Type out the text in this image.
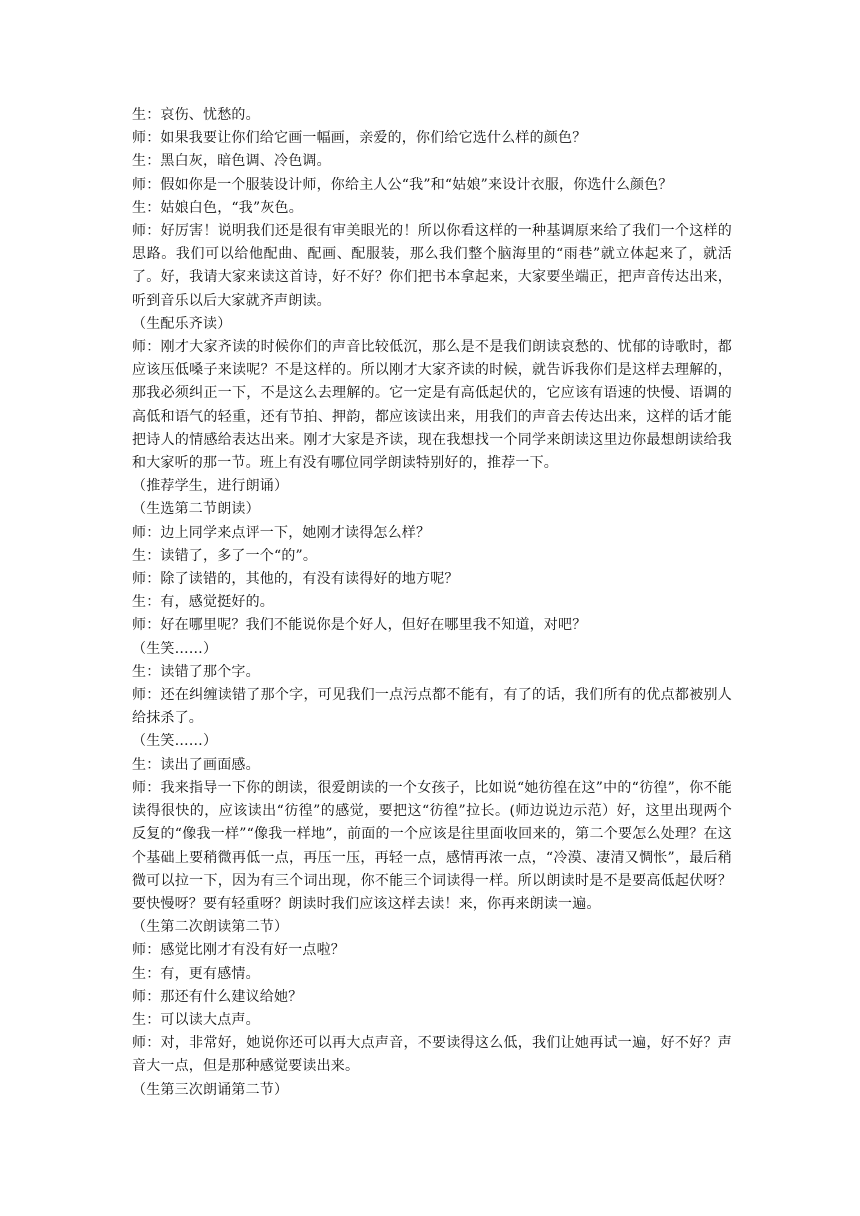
生：哀伤、忧愁的。

师：如果我要让你们给它画一幅画，亲爱的，你们给它选什么样的颜色？

生：黑白灰，暗色调、冷色调。

师：假如你是一个服装设计师，你给主人公“我”和“姑娘”来设计衣服，你选什么颜色？

生：姑娘白色，“我”灰色。

师：好厉害！说明我们还是很有审美眼光的！所以你看这样的一种基调原来给了我们一个这样的思路。我们可以给他配曲、配画、配服装，那么我们整个脑海里的“雨巷”就立体起来了，就活了。好，我请大家来读这首诗，好不好？你们把书本拿起来，大家要坐端正，把声音传达出来，听到音乐以后大家就齐声朗读。

（生配乐齐读）

师：刚才大家齐读的时候你们的声音比较低沉，那么是不是我们朗读哀愁的、忧郁的诗歌时，都应该压低嗓子来读呢？不是这样的。所以刚才大家齐读的时候，就告诉我你们是这样去理解的，那我必须纠正一下，不是这么去理解的。它一定是有高低起伏的，它应该有语速的快慢、语调的高低和语气的轻重，还有节拍、押韵，都应该读出来，用我们的声音去传达出来，这样的话才能把诗人的情感给表达出来。刚才大家是齐读，现在我想找一个同学来朗读这里边你最想朗读给我和大家听的那一节。班上有没有哪位同学朗读特别好的，推荐一下。

（推荐学生，进行朗诵）

（生选第二节朗读）

师：边上同学来点评一下，她刚才读得怎么样？

生：读错了，多了一个“的”。

师：除了读错的，其他的，有没有读得好的地方呢？

生：有，感觉挺好的。

师：好在哪里呢？我们不能说你是个好人，但好在哪里我不知道，对吧？

（生笑……）

生：读错了那个字。

师：还在纠缠读错了那个字，可见我们一点污点都不能有，有了的话，我们所有的优点都被别人给抹杀了。

（生笑……）

生：读出了画面感。

师：我来指导一下你的朗读，很爱朗读的一个女孩子，比如说“她彷徨在这”中的“彷徨”，你不能读得很快的，应该读出“彷徨”的感觉，要把这“彷徨”拉长。(师边说边示范）好，这里出现两个反复的“像我一样”“像我一样地”，前面的一个应该是往里面收回来的，第二个要怎么处理？在这个基础上要稍微再低一点，再压一压，再轻一点，感情再浓一点，“冷漠、凄清又惆怅”，最后稍微可以拉一下，因为有三个词出现，你不能三个词读得一样。所以朗读时是不是要高低起伏呀？要快慢呀？要有轻重呀？朗读时我们应该这样去读！来，你再来朗读一遍。

（生第二次朗读第二节）

师：感觉比刚才有没有好一点啦？

生：有，更有感情。

师：那还有什么建议给她？

生：可以读大点声。

师：对，非常好，她说你还可以再大点声音，不要读得这么低，我们让她再试一遍，好不好？声音大一点，但是那种感觉要读出来。

（生第三次朗诵第二节）
